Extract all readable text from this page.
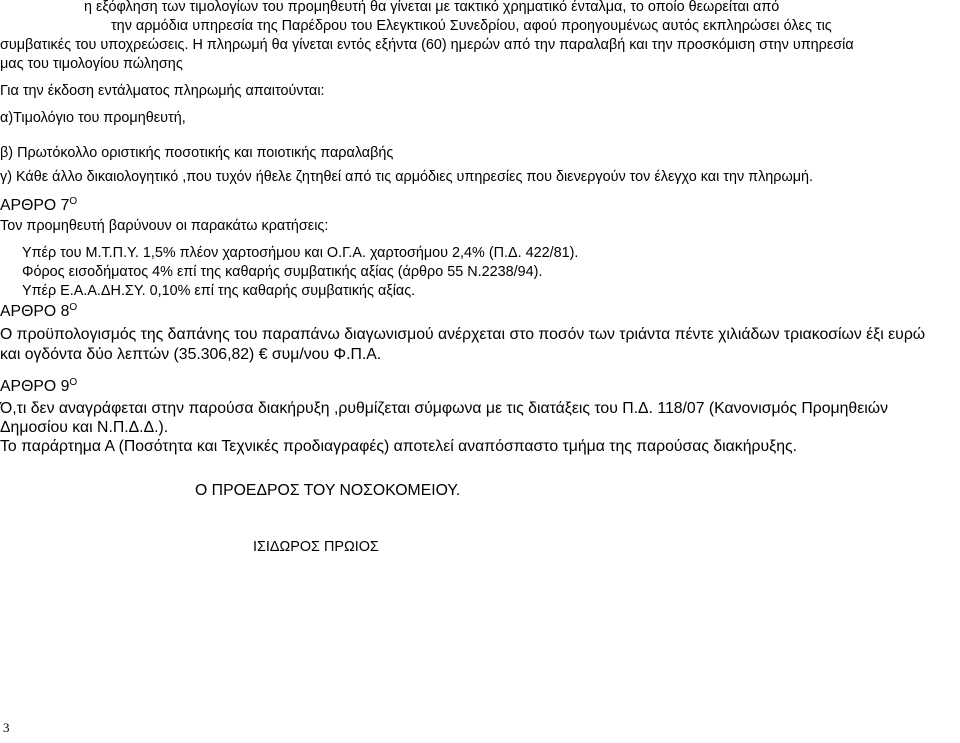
η εξόφληση των τιμολογίων του προμηθευτή θα γίνεται με τακτικό χρηματικό ένταλμα, το οποίο θεωρείται από
την αρμόδια υπηρεσία της Παρέδρου του Ελεγκτικού Συνεδρίου, αφού προηγουμένως αυτός εκπληρώσει όλες τις
συμβατικές του υποχρεώσεις. Η πληρωμή θα γίνεται εντός εξήντα (60) ημερών από την παραλαβή και την προσκόμιση στην υπηρεσία
μας του τιμολογίου πώλησης
Για την έκδοση εντάλματος πληρωμής απαιτούνται:
α)Τιμολόγιο του προμηθευτή,
β) Πρωτόκολλο οριστικής ποσοτικής και ποιοτικής παραλαβής
γ) Κάθε άλλο δικαιολογητικό ,που τυχόν ήθελε ζητηθεί από τις αρμόδιες υπηρεσίες που διενεργούν τον έλεγχο και την πληρωμή.
ΑΡΘΡΟ $7^O$
Τον προμηθευτή βαρύνουν οι παρακάτω κρατήσεις:
Υπέρ του Μ.Τ.Π.Υ. 1,5% πλέον χαρτοσήμου και Ο.Γ.Α. χαρτοσήμου 2,4% (Π.Δ. 422/81).
Φόρος εισοδήματος 4% επί της καθαρής συμβατικής αξίας (άρθρο 55 Ν.2238/94).
Υπέρ Ε.Α.Α.ΔΗ.ΣΥ. 0,10% επί της καθαρής συμβατικής αξίας.
ΑΡΘΡΟ $8^O$
Ο προϋπολογισμός της δαπάνης του παραπάνω διαγωνισμού ανέρχεται στο ποσόν των τριάντα πέντε χιλιάδων τριακοσίων έξι ευρώ
και ογδόντα δύο λεπτών (35.306,82) € συμ/νου Φ.Π.Α.
ΑΡΘΡΟ $9^O$
Ό,τι δεν αναγράφεται στην παρούσα διακήρυξη ,ρυθμίζεται σύμφωνα με τις διατάξεις του Π.Δ. 118/07 (Κανονισμός Προμηθειών
Δημοσίου και Ν.Π.Δ.Δ.).
Το παράρτημα Α (Ποσότητα και Τεχνικές προδιαγραφές) αποτελεί αναπόσπαστο τμήμα της παρούσας διακήρυξης.
Ο ΠΡΟΕΔΡΟΣ ΤΟΥ ΝΟΣΟΚΟΜΕΙΟΥ.
ΙΣΙΔΩΡΟΣ ΠΡΩΙΟΣ
3
